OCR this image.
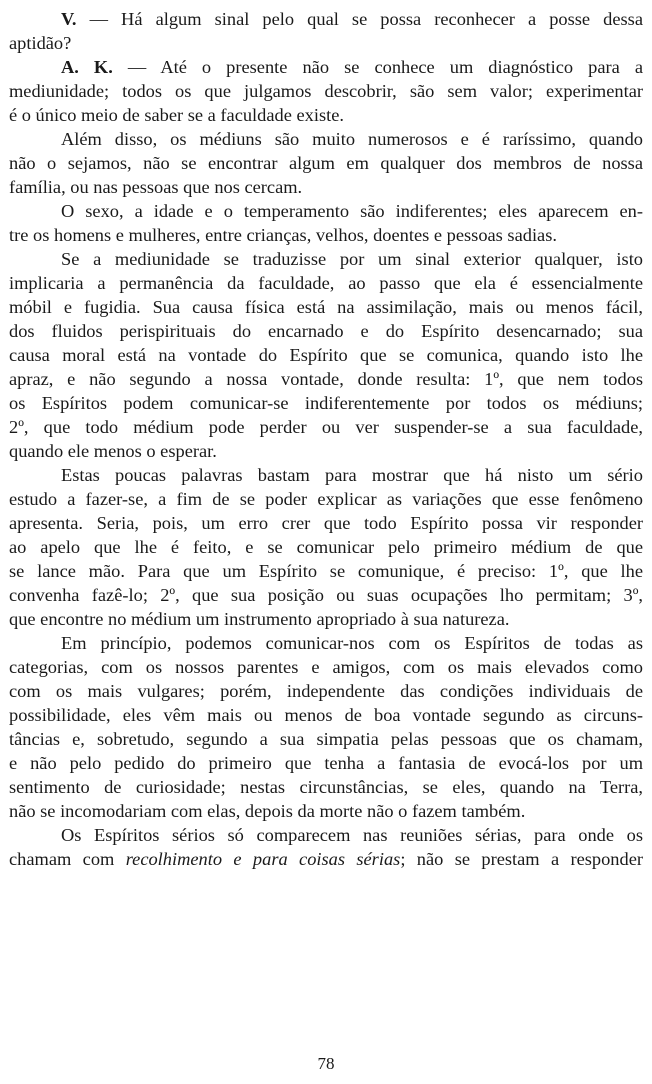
V. — Há algum sinal pelo qual se possa reconhecer a posse dessa
aptidão?
A. K. — Até o presente não se conhece um diagnóstico para a
mediunidade; todos os que julgamos descobrir, são sem valor; experimentar
é o único meio de saber se a faculdade existe.
Além disso, os médiuns são muito numerosos e é raríssimo, quando
não o sejamos, não se encontrar algum em qualquer dos membros de nossa
família, ou nas pessoas que nos cercam.
O sexo, a idade e o temperamento são indiferentes; eles aparecem en-
tre os homens e mulheres, entre crianças, velhos, doentes e pessoas sadias.
Se a mediunidade se traduzisse por um sinal exterior qualquer, isto
implicaria a permanência da faculdade, ao passo que ela é essencialmente
móbil e fugidia. Sua causa física está na assimilação, mais ou menos fácil,
dos fluidos perispirituais do encarnado e do Espírito desencarnado; sua
causa moral está na vontade do Espírito que se comunica, quando isto lhe
apraz, e não segundo a nossa vontade, donde resulta: 1º, que nem todos
os Espíritos podem comunicar-se indiferentemente por todos os médiuns;
2º, que todo médium pode perder ou ver suspender-se a sua faculdade,
quando ele menos o esperar.
Estas poucas palavras bastam para mostrar que há nisto um sério
estudo a fazer-se, a fim de se poder explicar as variações que esse fenômeno
apresenta. Seria, pois, um erro crer que todo Espírito possa vir responder
ao apelo que lhe é feito, e se comunicar pelo primeiro médium de que
se lance mão. Para que um Espírito se comunique, é preciso: 1º, que lhe
convenha fazê-lo; 2º, que sua posição ou suas ocupações lho permitam; 3º,
que encontre no médium um instrumento apropriado à sua natureza.
Em princípio, podemos comunicar-nos com os Espíritos de todas as
categorias, com os nossos parentes e amigos, com os mais elevados como
com os mais vulgares; porém, independente das condições individuais de
possibilidade, eles vêm mais ou menos de boa vontade segundo as circuns-
tâncias e, sobretudo, segundo a sua simpatia pelas pessoas que os chamam,
e não pelo pedido do primeiro que tenha a fantasia de evocá-los por um
sentimento de curiosidade; nestas circunstâncias, se eles, quando na Terra,
não se incomodariam com elas, depois da morte não o fazem também.
Os Espíritos sérios só comparecem nas reuniões sérias, para onde os
chamam com recolhimento e para coisas sérias; não se prestam a responder
78
